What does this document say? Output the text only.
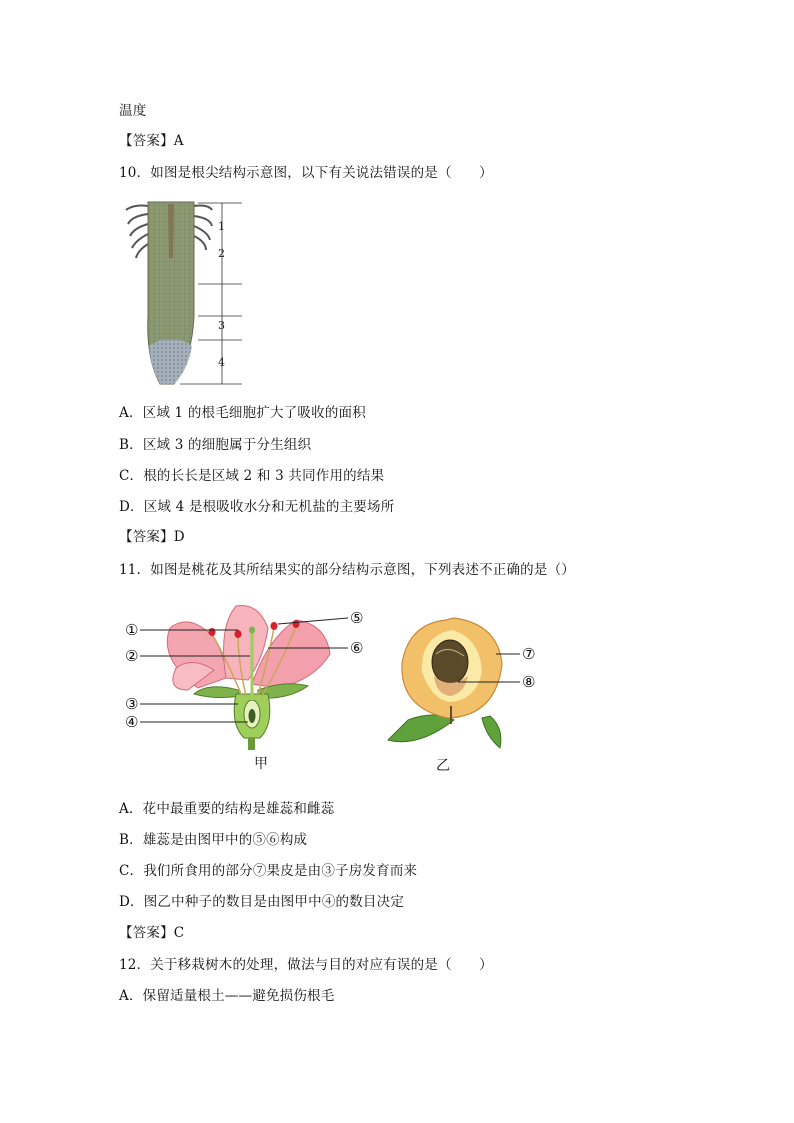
温度
【答案】A
10．如图是根尖结构示意图，以下有关说法错误的是（　　）
1
2
3
4
A．区域 1 的根毛细胞扩大了吸收的面积
B．区域 3 的细胞属于分生组织
C．根的长长是区域 2 和 3 共同作用的结果
D．区域 4 是根吸收水分和无机盐的主要场所
【答案】D
11．如图是桃花及其所结果实的部分结构示意图，下列表述不正确的是（）
①
②
③
④
⑤
⑥	⑦
⑧
甲	乙
A．花中最重要的结构是雄蕊和雌蕊
B．雄蕊是由图甲中的⑤⑥构成
C．我们所食用的部分⑦果皮是由③子房发育而来
D．图乙中种子的数目是由图甲中④的数目决定
【答案】C
12．关于移栽树木的处理，做法与目的对应有误的是（　　）
A．保留适量根土——避免损伤根毛
